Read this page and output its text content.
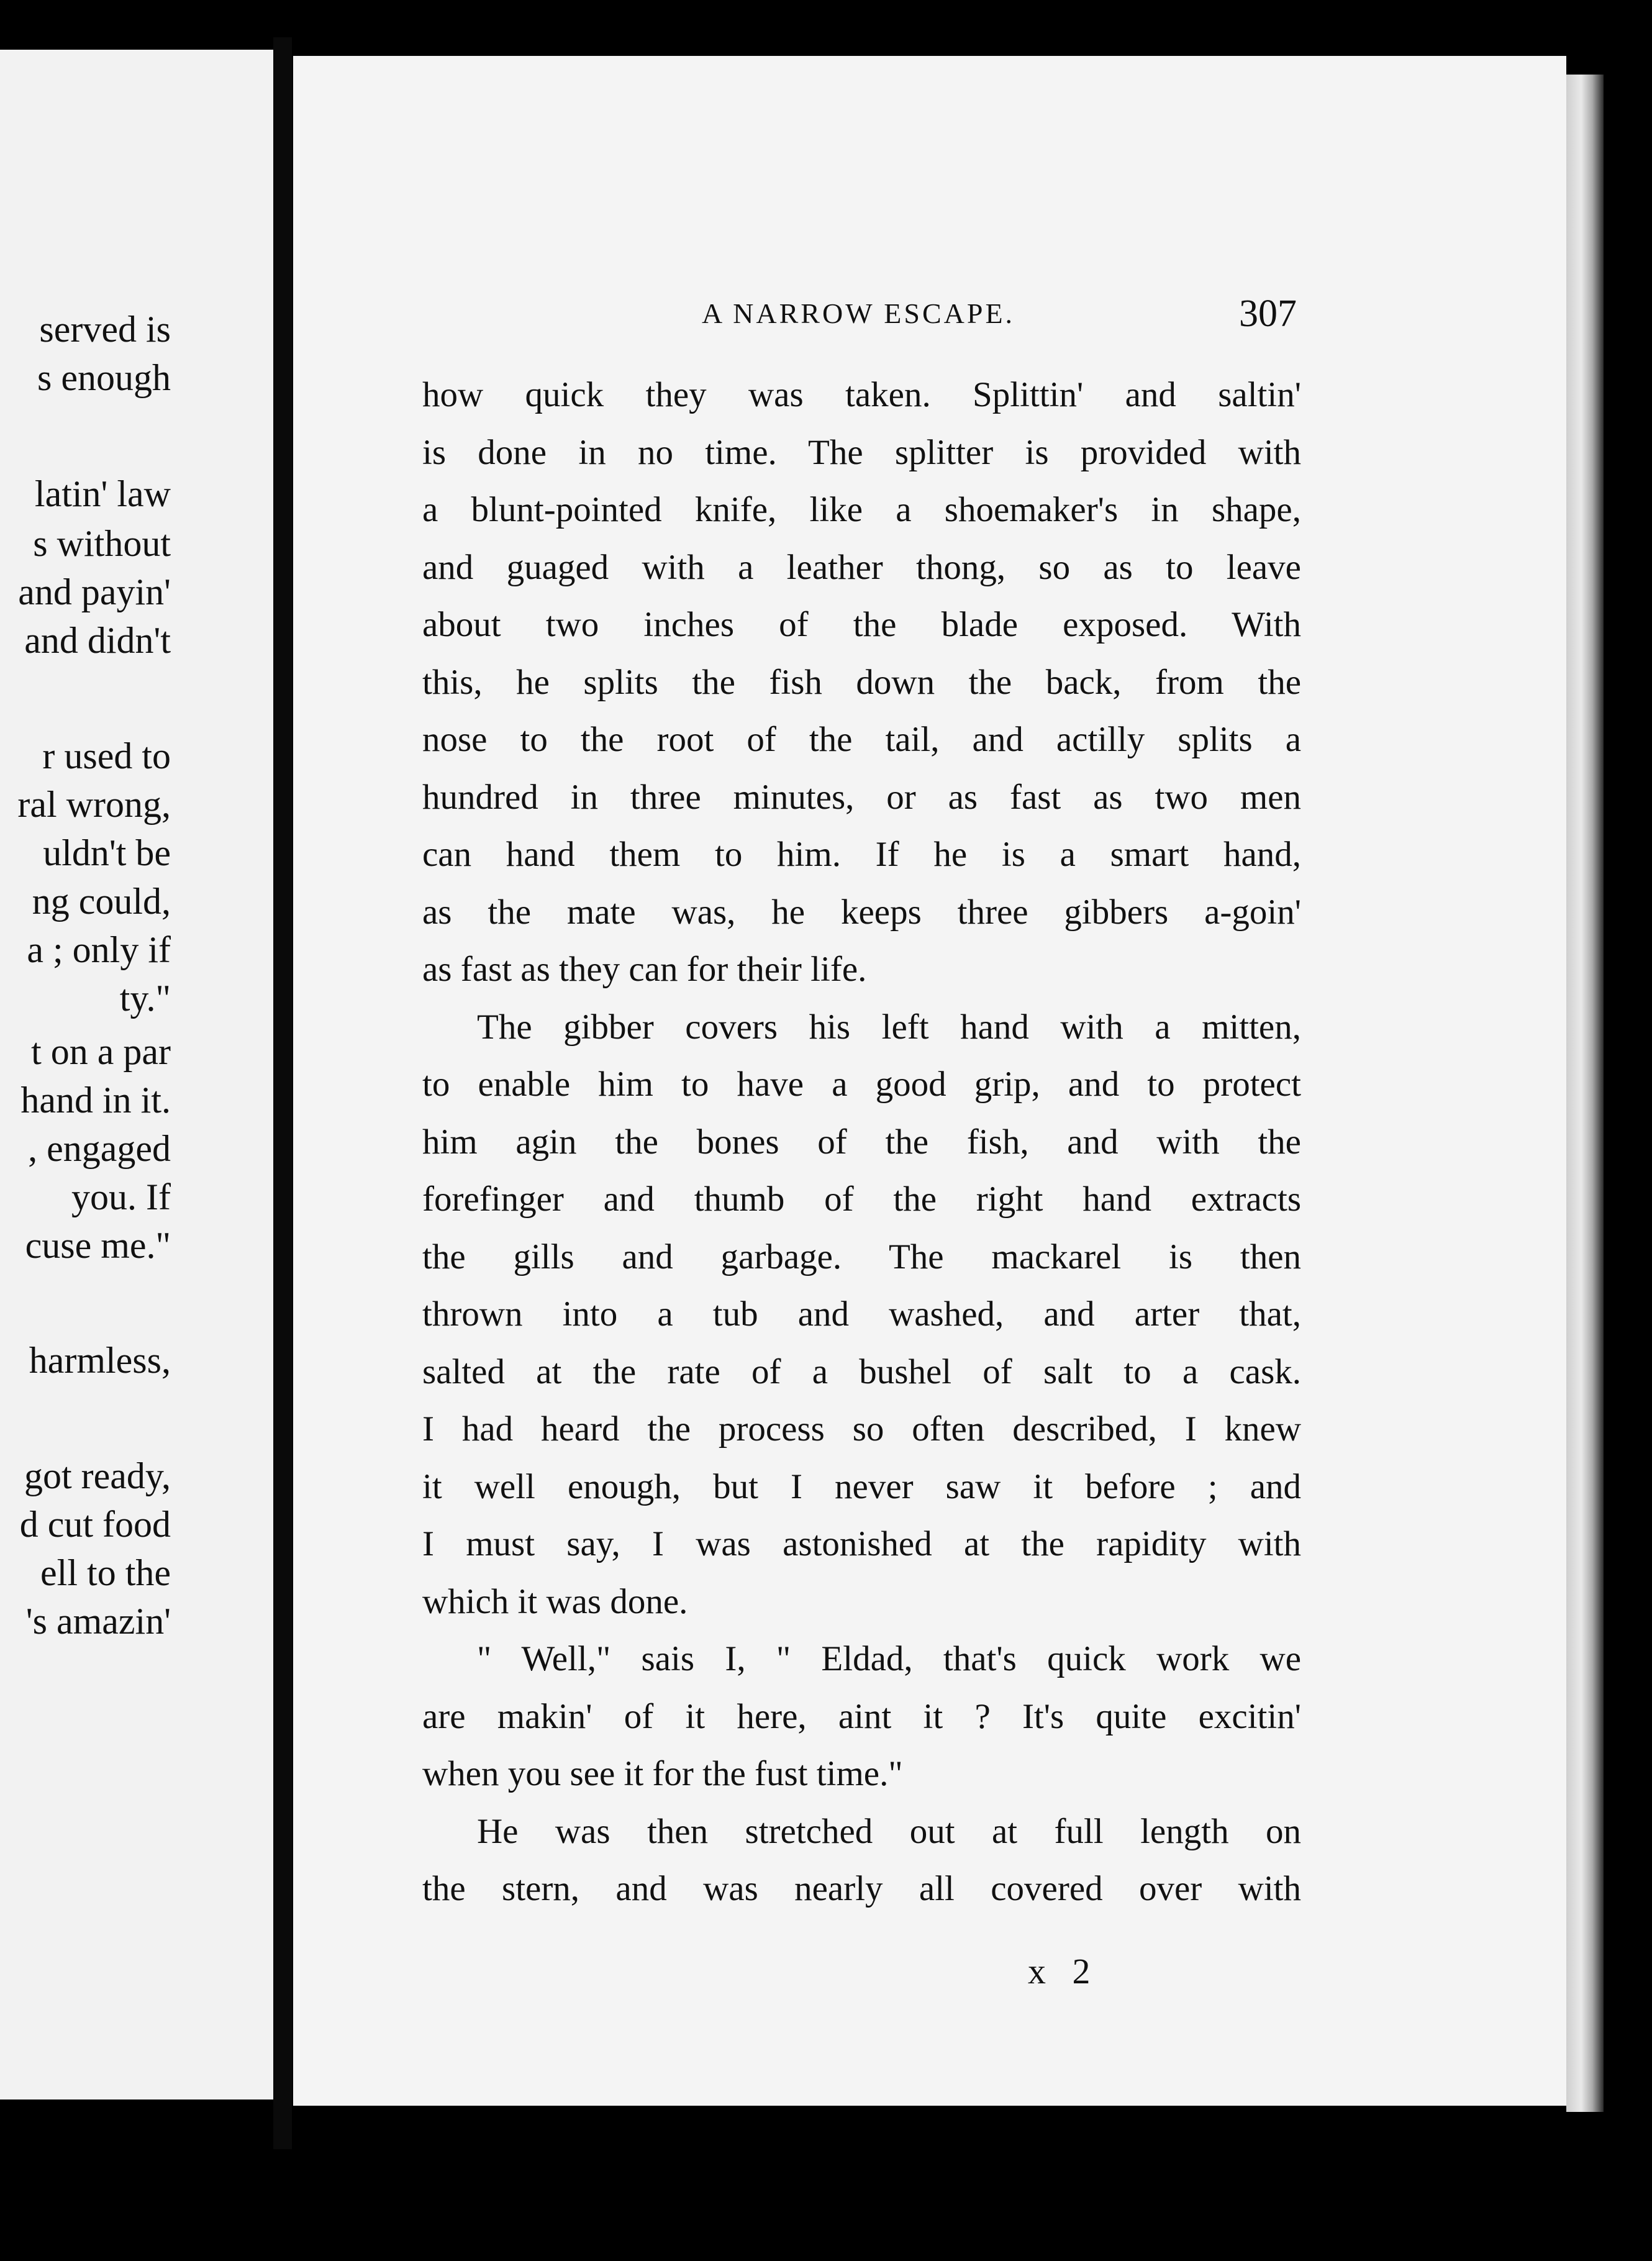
served is
s enough
latin' law
s without
and payin'
and didn't
r used to
ral wrong,
uldn't be
ng could,
a ; only if
ty."
t on a par
hand in it.
, engaged
you. If
cuse me."
harmless,
got ready,
d cut food
ell to the
's amazin'
A NARROW ESCAPE.	307
how quick they was taken. Splittin' and saltin'
is done in no time. The splitter is provided with
a blunt-pointed knife, like a shoemaker's in shape,
and guaged with a leather thong, so as to leave
about two inches of the blade exposed. With
this, he splits the fish down the back, from the
nose to the root of the tail, and actilly splits a
hundred in three minutes, or as fast as two men
can hand them to him. If he is a smart hand,
as the mate was, he keeps three gibbers a-goin'
as fast as they can for their life.
The gibber covers his left hand with a mitten,
to enable him to have a good grip, and to protect
him agin the bones of the fish, and with the
forefinger and thumb of the right hand extracts
the gills and garbage. The mackarel is then
thrown into a tub and washed, and arter that,
salted at the rate of a bushel of salt to a cask.
I had heard the process so often described, I knew
it well enough, but I never saw it before ; and
I must say, I was astonished at the rapidity with
which it was done.
" Well," sais I, " Eldad, that's quick work we
are makin' of it here, aint it ? It's quite excitin'
when you see it for the fust time."
He was then stretched out at full length on
the stern, and was nearly all covered over with
x 2
